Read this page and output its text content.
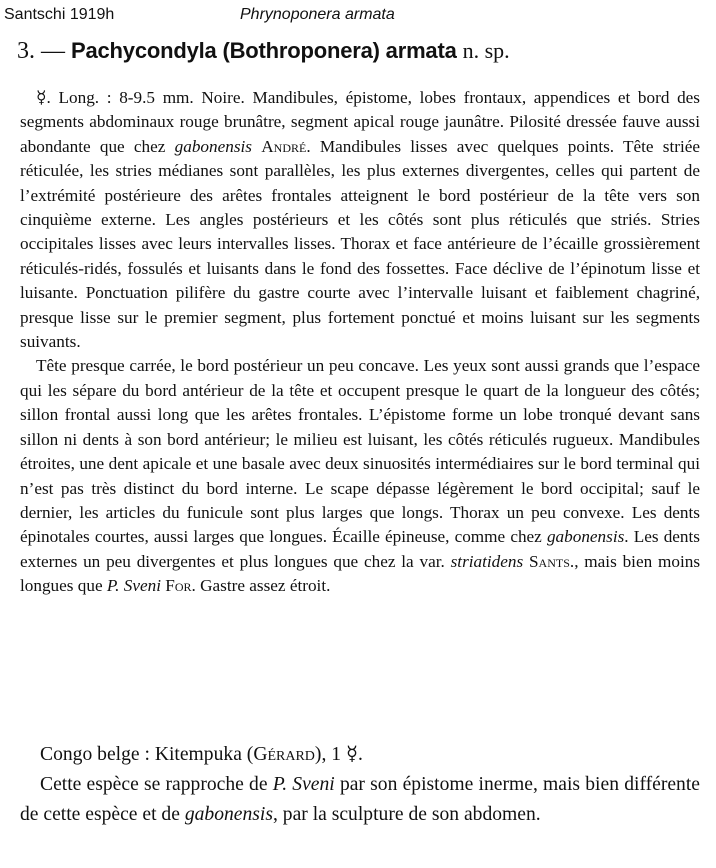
Santschi 1919h	Phrynoponera armata
3. — Pachycondyla (Bothroponera) armata n. sp.

☿. Long. : 8-9.5 mm. Noire. Mandibules, épistome, lobes frontaux, appendices et bord des segments abdominaux rouge brunâtre, segment apical rouge jaunâtre. Pilosité dressée fauve aussi abondante que chez gabonensis André. Mandibules lisses avec quelques points. Tête striée réticulée, les stries médianes sont parallèles, les plus externes divergentes, celles qui partent de l’extrémité postérieure des arêtes frontales atteignent le bord postérieur de la tête vers son cinquième externe. Les angles postérieurs et les côtés sont plus réticulés que striés. Stries occipitales lisses avec leurs intervalles lisses. Thorax et face antérieure de l’écaille grossièrement réticulés-ridés, fossulés et luisants dans le fond des fossettes. Face déclive de l’épinotum lisse et luisante. Ponctuation pilifère du gastre courte avec l’intervalle luisant et faiblement chagriné, presque lisse sur le premier segment, plus fortement ponctué et moins luisant sur les segments suivants.

Tête presque carrée, le bord postérieur un peu concave. Les yeux sont aussi grands que l’espace qui les sépare du bord antérieur de la tête et occupent presque le quart de la longueur des côtés; sillon frontal aussi long que les arêtes frontales. L’épistome forme un lobe tronqué devant sans sillon ni dents à son bord antérieur; le milieu est luisant, les côtés réticulés rugueux. Mandibules étroites, une dent apicale et une basale avec deux sinuosités intermédiaires sur le bord terminal qui n’est pas très distinct du bord interne. Le scape dépasse légèrement le bord occipital; sauf le dernier, les articles du funicule sont plus larges que longs. Thorax un peu convexe. Les dents épinotales courtes, aussi larges que longues. Écaille épineuse, comme chez gabonensis. Les dents externes un peu divergentes et plus longues que chez la var. striatidens Sants., mais bien moins longues que P. Sveni For. Gastre assez étroit.

Congo belge : Kitempuka (Gérard), 1 ☿.

Cette espèce se rapproche de P. Sveni par son épistome inerme, mais bien différente de cette espèce et de gabonensis, par la sculpture de son abdomen.
